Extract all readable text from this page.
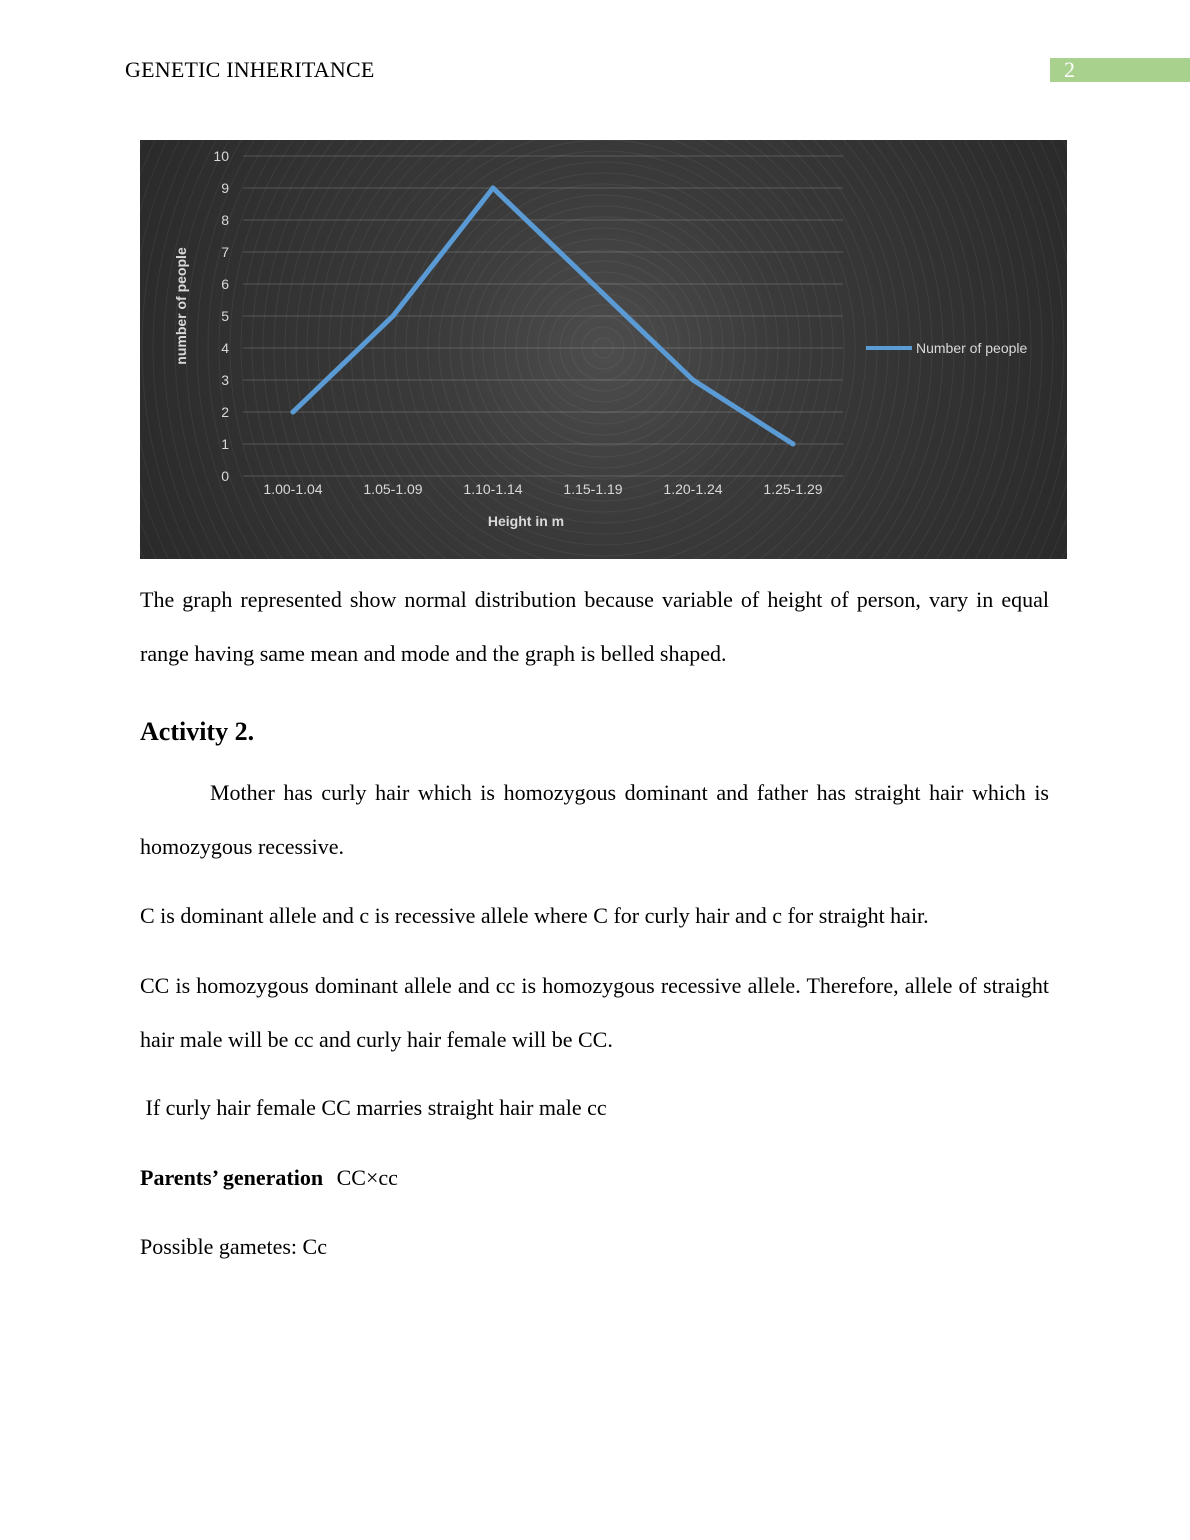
GENETIC INHERITANCE	2
0
1
2
3
4
5
6
7
8
9
10
1.00-1.04	1.05-1.09	1.10-1.14	1.15-1.19	1.20-1.24	1.25-1.29
number of people
Height in m
Number of people
The graph represented show normal distribution because variable of height of person, vary in equal range having same mean and mode and the graph is belled shaped.
Activity 2.
Mother has curly hair which is homozygous dominant and father has straight hair which is homozygous recessive.
C is dominant allele and c is recessive allele where C for curly hair and c for straight hair.
CC is homozygous dominant allele and cc is homozygous recessive allele. Therefore, allele of straight hair male will be cc and curly hair female will be CC.
If curly hair female CC marries straight hair male cc
Parents’ generation CC×cc
Possible gametes: Cc
